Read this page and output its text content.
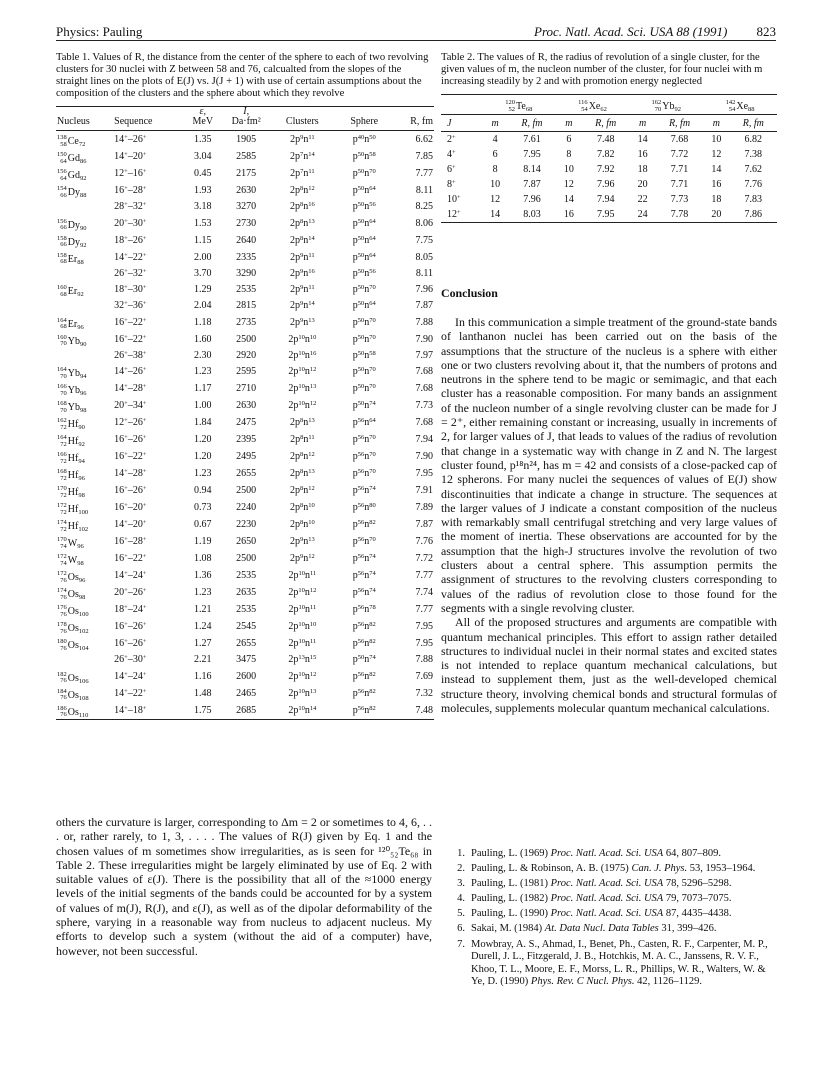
Physics: Pauling	Proc. Natl. Acad. Sci. USA 88 (1991) 823

Table 1. Values of R, the distance from the center of the sphere to each of two revolving clusters for 30 nuclei with Z between 58 and 76, calcualted from the slopes of the straight lines on the plots of E(J) vs. J(J + 1) with use of certain assumptions about the composition of the clusters and the sphere about which they revolve

Nucleus	Sequence	ε,
MeV	I,
Da·fm²	Clusters	Sphere	R, fm

138
58 Ce 72	14+–26+	1.35	1905	$2p^9n^{11}$	$p^{40}n^{50}$	6.62

150
64 Gd 86	14+–20+	3.04	2585	$2p^7n^{14}$	$p^{50}n^{58}$	7.85

156
64 Gd 92	12+–16+	0.45	2175	$2p^7n^{11}$	$p^{50}n^{70}$	7.77

154
66 Dy 88	16+–28+	1.93	2630	$2p^8n^{12}$	$p^{50}n^{64}$	8.11
	28+–32+	3.18	3270	$2p^8n^{16}$	$p^{50}n^{56}$	8.25

156
66 Dy 90	20+–30+	1.53	2730	$2p^8n^{13}$	$p^{50}n^{64}$	8.06

158
66 Dy 92	18+–26+	1.15	2640	$2p^8n^{14}$	$p^{50}n^{64}$	7.75

158
68 Er 88	14+–22+	2.00	2335	$2p^9n^{11}$	$p^{50}n^{64}$	8.05
	26+–32+	3.70	3290	$2p^9n^{16}$	$p^{50}n^{56}$	8.11

160
68 Er 92	18+–30+	1.29	2535	$2p^9n^{11}$	$p^{50}n^{70}$	7.96
	32+–36+	2.04	2815	$2p^9n^{14}$	$p^{50}n^{64}$	7.87

164
68 Er 96	16+–22+	1.18	2735	$2p^9n^{13}$	$p^{50}n^{70}$	7.88

160
70 Yb 90	16+–22+	1.60	2500	$2p^{10}n^{10}$	$p^{50}n^{70}$	7.90
	26+–38+	2.30	2920	$2p^{10}n^{16}$	$p^{50}n^{58}$	7.97

164
70 Yb 94	14+–26+	1.23	2595	$2p^{10}n^{12}$	$p^{50}n^{70}$	7.68

166
70 Yb 96	14+–28+	1.17	2710	$2p^{10}n^{13}$	$p^{50}n^{70}$	7.68

168
70 Yb 98	20+–34+	1.00	2630	$2p^{10}n^{12}$	$p^{50}n^{74}$	7.73

162
72 Hf 90	12+–26+	1.84	2475	$2p^8n^{13}$	$p^{56}n^{64}$	7.68

164
72 Hf 92	16+–26+	1.20	2395	$2p^8n^{11}$	$p^{56}n^{70}$	7.94

166
72 Hf 94	16+–22+	1.20	2495	$2p^8n^{12}$	$p^{56}n^{70}$	7.90

168
72 Hf 96	14+–28+	1.23	2655	$2p^8n^{13}$	$p^{56}n^{70}$	7.95

170
72 Hf 98	16+–26+	0.94	2500	$2p^8n^{12}$	$p^{56}n^{74}$	7.91

172
72 Hf 100	16+–20+	0.73	2240	$2p^8n^{10}$	$p^{56}n^{80}$	7.89

174
72 Hf 102	14+–20+	0.67	2230	$2p^8n^{10}$	$p^{56}n^{82}$	7.87

170
74 W 96	16+–28+	1.19	2650	$2p^9n^{13}$	$p^{56}n^{70}$	7.76

172
74 W 98	16+–22+	1.08	2500	$2p^9n^{12}$	$p^{56}n^{74}$	7.72

172
76 Os 96	14+–24+	1.36	2535	$2p^{10}n^{11}$	$p^{56}n^{74}$	7.77

174
76 Os 98	20+–26+	1.23	2635	$2p^{10}n^{12}$	$p^{56}n^{74}$	7.74

176
76 Os 100	18+–24+	1.21	2535	$2p^{10}n^{11}$	$p^{56}n^{78}$	7.77

178
76 Os 102	16+–26+	1.24	2545	$2p^{10}n^{10}$	$p^{56}n^{82}$	7.95

180
76 Os 104	16+–26+	1.27	2655	$2p^{10}n^{11}$	$p^{56}n^{82}$	7.95
	26+–30+	2.21	3475	$2p^{13}n^{15}$	$p^{50}n^{74}$	7.88

182
76 Os 106	14+–24+	1.16	2600	$2p^{10}n^{12}$	$p^{56}n^{82}$	7.69

184
76 Os 108	14+–22+	1.48	2465	$2p^{10}n^{13}$	$p^{56}n^{82}$	7.32

186
76 Os 110	14+–18+	1.75	2685	$2p^{10}n^{14}$	$p^{56}n^{82}$	7.48

Table 2. The values of R, the radius of revolution of a single cluster, for the given values of m, the nucleon number of the cluster, for four nuclei with m increasing steadily by 2 and with promotion energy neglected

	120
52 Te 68		116
54 Xe 62		162
70 Yb 92		142
54 Xe 88	

J	m	R, fm	m	R, fm	m	R, fm	m	R, fm
2+	4	7.61	6	7.48	14	7.68	10	6.82
4+	6	7.95	8	7.82	16	7.72	12	7.38
6+	8	8.14	10	7.92	18	7.71	14	7.62
8+	10	7.87	12	7.96	20	7.71	16	7.76
10+	12	7.96	14	7.94	22	7.73	18	7.83
12+	14	8.03	16	7.95	24	7.78	20	7.86
Conclusion

In this communication a simple treatment of the ground-state bands of lanthanon nuclei has been carried out on the basis of the assumptions that the structure of the nucleus is a sphere with either one or two clusters revolving about it, that the numbers of protons and neutrons in the sphere tend to be magic or semimagic, and that each cluster has a reasonable composition. For many bands an assignment of the nucleon number of a single revolving cluster can be made for J = 2⁺, either remaining constant or increasing, usually in increments of 2, for larger values of J, that leads to values of the radius of revolution that change in a systematic way with change in Z and N. The largest cluster found, p¹⁸n²⁴, has m = 42 and consists of a close-packed cap of 12 spherons. For many nuclei the sequences of values of E(J) show discontinuities that indicate a change in structure. The sequences at the larger values of J indicate a constant composition of the nucleus with remarkably small centrifugal stretching and very large values of the moment of inertia. These observations are accounted for by the assumption that the high-J structures involve the revolution of two clusters about a central sphere. This assumption permits the assignment of structures to the revolving clusters corresponding to values of the radius of revolution close to those found for the segments with a single revolving cluster.

All of the proposed structures and arguments are compatible with quantum mechanical principles. This effort to assign rather detailed structures to individual nuclei in their normal states and excited states is not intended to replace quantum mechanical calculations, but instead to supplement them, just as the well-developed chemical structure theory, involving chemical bonds and structural formulas of molecules, supplements molecular quantum mechanical calculations.

others the curvature is larger, corresponding to Δm = 2 or sometimes to 4, 6, . . . or, rather rarely, to 1, 3, . . . . The values of R(J) given by Eq. 1 and the chosen values of m sometimes show irregularities, as is seen for ¹²⁰₅₂Te₆₈ in Table 2. These irregularities might be largely eliminated by use of Eq. 2 with suitable values of ε(J). There is the possibility that all of the ≈1000 energy levels of the initial segments of the bands could be accounted for by a system of values of m(J), R(J), and ε(J), as well as of the dipolar deformability of the sphere, varying in a reasonable way from nucleus to adjacent nucleus. My efforts to develop such a system (without the aid of a computer) have, however, not been successful.

1. Pauling, L. (1969) Proc. Natl. Acad. Sci. USA 64, 807–809.
2. Pauling, L. & Robinson, A. B. (1975) Can. J. Phys. 53, 1953–1964.
3. Pauling, L. (1981) Proc. Natl. Acad. Sci. USA 78, 5296–5298.
4. Pauling, L. (1982) Proc. Natl. Acad. Sci. USA 79, 7073–7075.
5. Pauling, L. (1990) Proc. Natl. Acad. Sci. USA 87, 4435–4438.
6. Sakai, M. (1984) At. Data Nucl. Data Tables 31, 399–426.
7. Mowbray, A. S., Ahmad, I., Benet, Ph., Casten, R. F., Carpenter, M. P., Durell, J. L., Fitzgerald, J. B., Hotchkis, M. A. C., Janssens, R. V. F., Khoo, T. L., Moore, E. F., Morss, L. R., Phillips, W. R., Walters, W. & Ye, D. (1990) Phys. Rev. C Nucl. Phys. 42, 1126–1129.
